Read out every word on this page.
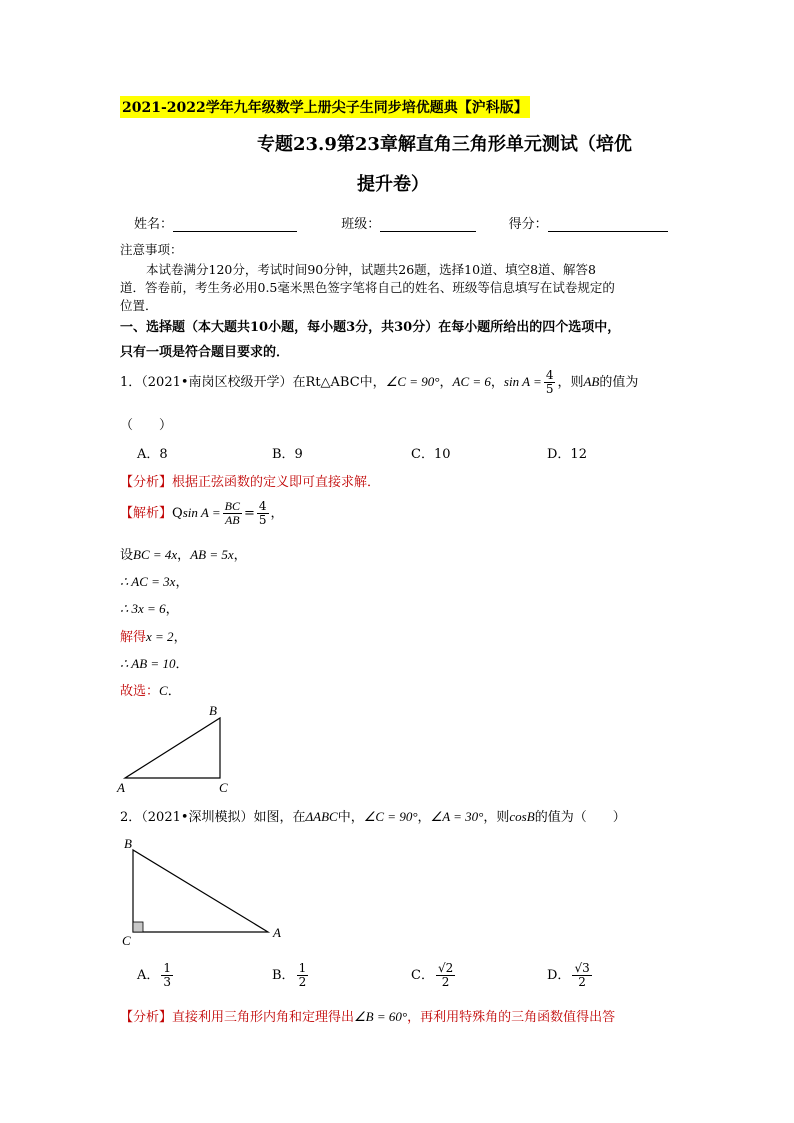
2021-2022学年九年级数学上册尖子生同步培优题典【沪科版】
专题23.9第23章解直角三角形单元测试（培优
提升卷）
姓名：	班级：	得分：
注意事项：
本试卷满分120分，考试时间90分钟，试题共26题，选择10道、填空8道、解答8
道．答卷前，考生务必用0.5毫米黑色签字笔将自己的姓名、班级等信息填写在试卷规定的
位置．
一、选择题（本大题共10小题，每小题3分，共30分）在每小题所给出的四个选项中，
只有一项是符合题目要求的．
1．（2021•南岗区校级开学）在Rt△ABC中，∠C = 90°，AC = 6，$\sin A = \frac{4}{5}$ ，则AB的值为
（　　）
A．8	B．9	C．10	D．12
【分析】根据正弦函数的定义即可直接求解．
【解析】Qsin $A = \frac{BC}{AB} = \frac{4}{5}$ ，
设BC = 4x，AB = 5x，
∴ AC = 3x，
∴ 3x = 6，
解得x = 2，
∴ AB = 10．
故选：C．
A
B
C
2．（2021•深圳模拟）如图，在ΔABC中，∠C = 90°，∠A = 30°，则cosB的值为（　　）
B
C
A
A． $\frac{1}{3}$	B． $\frac{1}{2}$	C． $\frac{√2}{2}$	D． $\frac{√3}{2}$
【分析】直接利用三角形内角和定理得出∠B = 60°，再利用特殊角的三角函数值得出答
